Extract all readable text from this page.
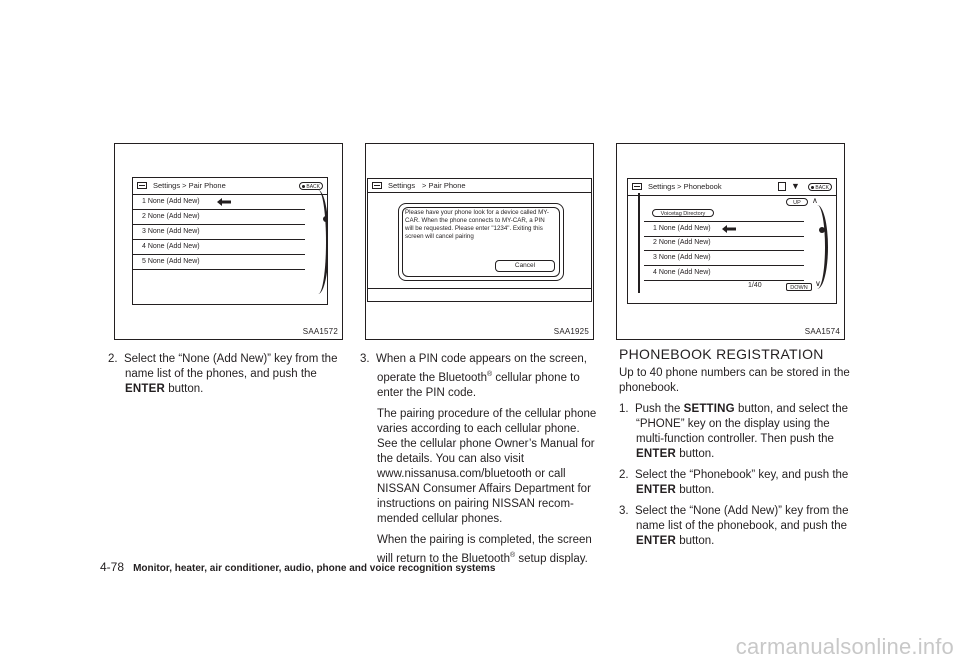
Settings > Pair Phone	BACK
1 None (Add New)
2 None (Add New)
3 None (Add New)
4 None (Add New)
5 None (Add New)
SAA1572
Settings > Pair Phone
Please have your phone look for a device called MY-CAR. When the phone connects to MY-CAR, a PIN will be requested. Please enter "1234". Exiting this screen will cancel pairing
Cancel
SAA1925
Settings > Phonebook	▼	BACK
UP	∧
Voicetag Directory
1 None (Add New)
2 None (Add New)
3 None (Add New)
4 None (Add New)
1/40	DOWN ∨
SAA1574

2. Select the “None (Add New)” key from the name list of the phones, and push the ENTER button.

3. When a PIN code appears on the screen, operate the Bluetooth® cellular phone to enter the PIN code.

The pairing procedure of the cellular phone varies according to each cellular phone. See the cellular phone Owner’s Manual for the details. You can also visit www.nissanusa.com/bluetooth or call NISSAN Consumer Affairs Department for instructions on pairing NISSAN recom-mended cellular phones.

When the pairing is completed, the screen will return to the Bluetooth® setup display.

PHONEBOOK REGISTRATION

Up to 40 phone numbers can be stored in the phonebook.

1. Push the SETTING button, and select the “PHONE” key on the display using the multi-function controller. Then push the ENTER button.

2. Select the “Phonebook” key, and push the ENTER button.

3. Select the “None (Add New)” key from the name list of the phonebook, and push the ENTER button.

4-78 Monitor, heater, air conditioner, audio, phone and voice recognition systems
carmanualsonline.info
